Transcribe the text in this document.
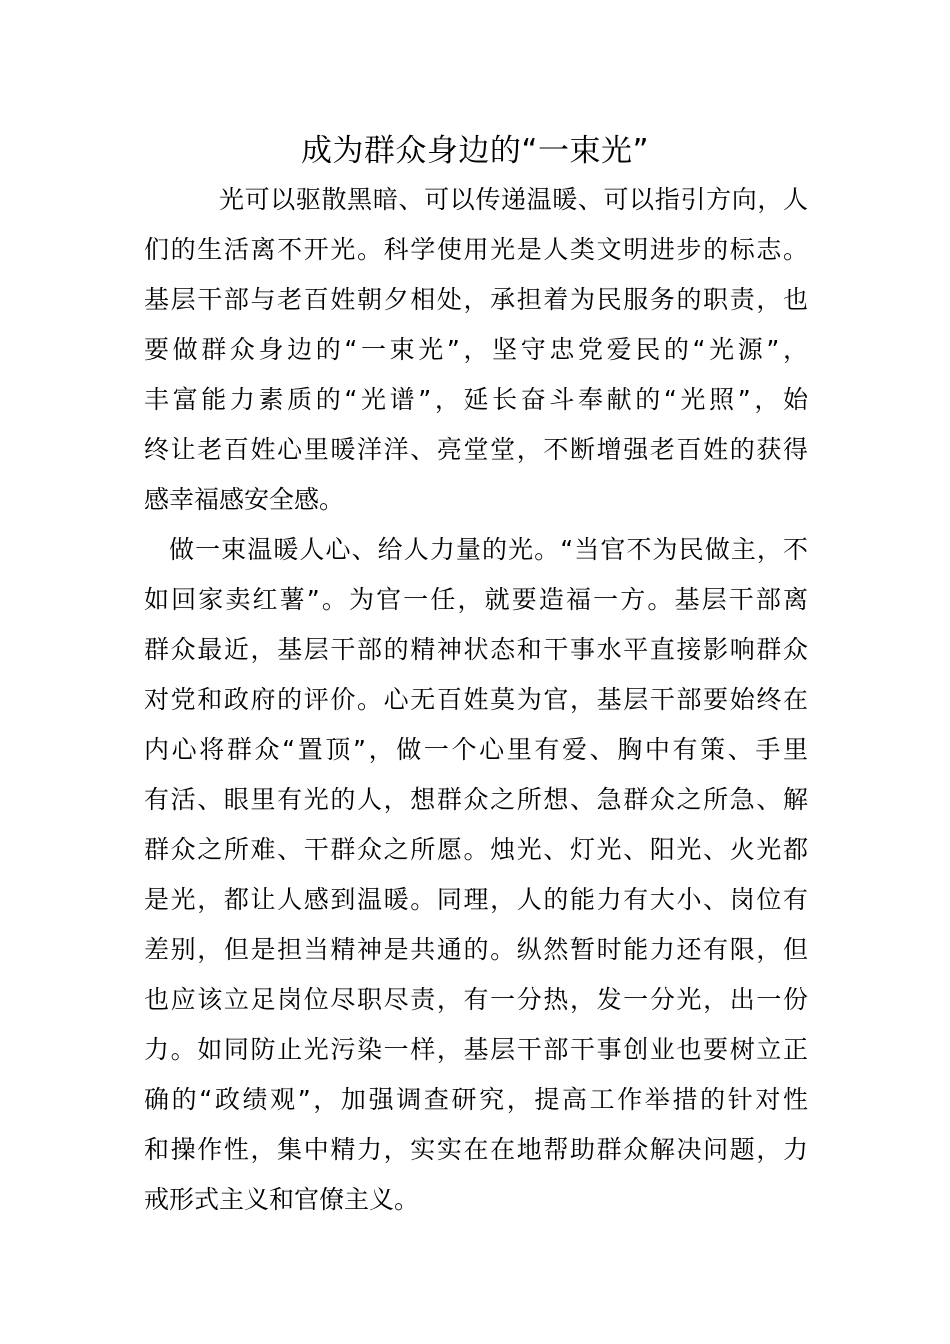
成为群众身边的“一束光”
光可以驱散黑暗、可以传递温暖、可以指引方向，人
们的生活离不开光。科学使用光是人类文明进步的标志。
基层干部与老百姓朝夕相处，承担着为民服务的职责，也
要做群众身边的“一束光”，坚守忠党爱民的“光源”，
丰富能力素质的“光谱”，延长奋斗奉献的“光照”，始
终让老百姓心里暖洋洋、亮堂堂，不断增强老百姓的获得
感幸福感安全感。
做一束温暖人心、给人力量的光。“当官不为民做主，不
如回家卖红薯”。为官一任，就要造福一方。基层干部离
群众最近，基层干部的精神状态和干事水平直接影响群众
对党和政府的评价。心无百姓莫为官，基层干部要始终在
内心将群众“置顶”，做一个心里有爱、胸中有策、手里
有活、眼里有光的人，想群众之所想、急群众之所急、解
群众之所难、干群众之所愿。烛光、灯光、阳光、火光都
是光，都让人感到温暖。同理，人的能力有大小、岗位有
差别，但是担当精神是共通的。纵然暂时能力还有限，但
也应该立足岗位尽职尽责，有一分热，发一分光，出一份
力。如同防止光污染一样，基层干部干事创业也要树立正
确的“政绩观”，加强调查研究，提高工作举措的针对性
和操作性，集中精力，实实在在地帮助群众解决问题，力
戒形式主义和官僚主义。
